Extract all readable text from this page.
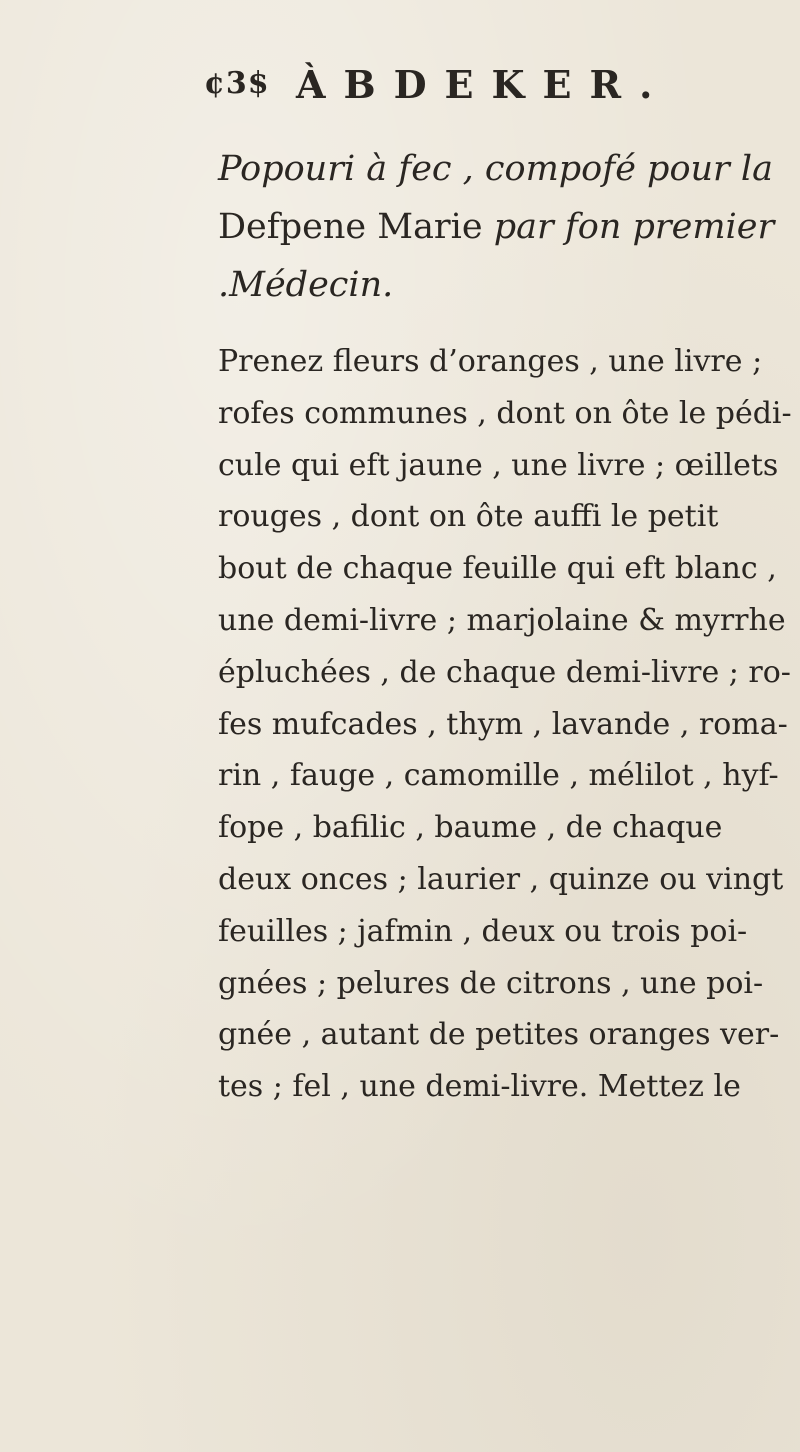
¢3$ ÀBDEKER.
Popouri à fec , compofé pour la
Defpene Marie par fon premier
.Médecin.
Prenez fleurs d’oranges , une livre ;
rofes communes , dont on ôte le pédi-
cule qui eft jaune , une livre ; œillets
rouges , dont on ôte auffi le petit
bout de chaque feuille qui eft blanc ,
une demi-livre ; marjolaine & myrrhe
épluchées , de chaque demi-livre ; ro-
fes mufcades , thym , lavande , roma-
rin , fauge , camomille , mélilot , hyf-
fope , bafilic , baume , de chaque
deux onces ; laurier , quinze ou vingt
feuilles ; jafmin , deux ou trois poi-
gnées ; pelures de citrons , une poi-
gnée , autant de petites oranges ver-
tes ; fel , une demi-livre. Mettez le
